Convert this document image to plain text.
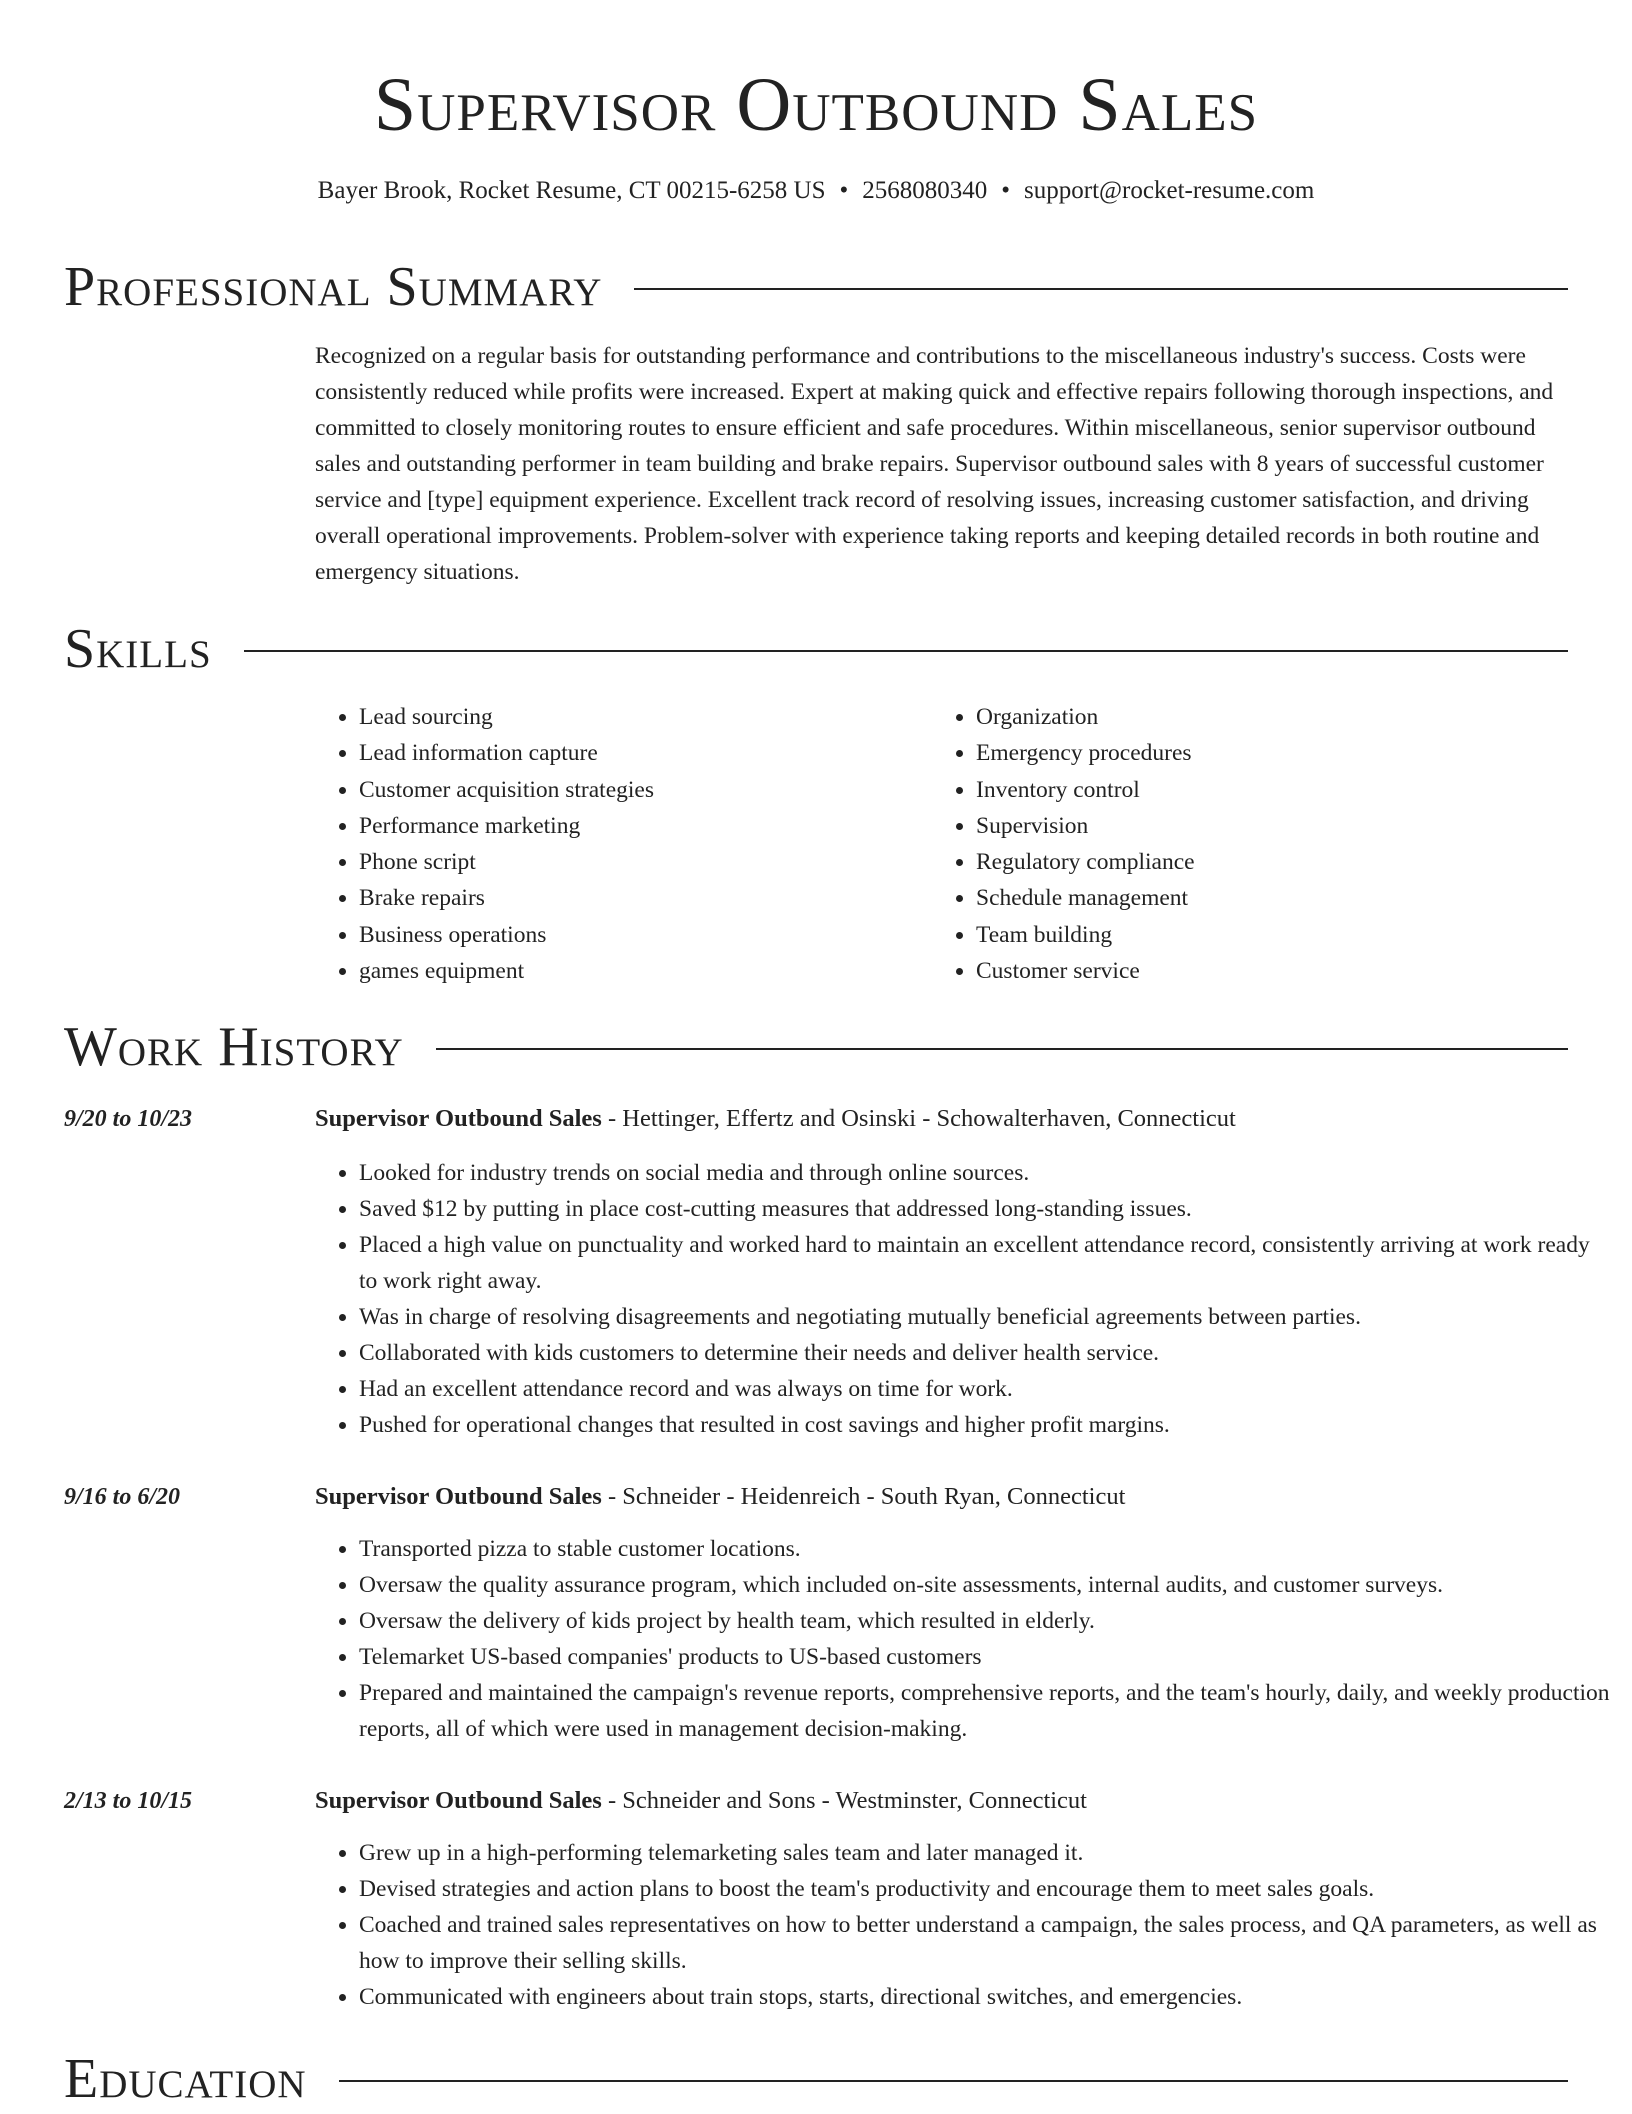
Supervisor Outbound Sales
Bayer Brook, Rocket Resume, CT 00215-6258 US • 2568080340 • support@rocket-resume.com
Professional Summary

Recognized on a regular basis for outstanding performance and contributions to the miscellaneous industry's success. Costs were consistently reduced while profits were increased. Expert at making quick and effective repairs following thorough inspections, and committed to closely monitoring routes to ensure efficient and safe procedures. Within miscellaneous, senior supervisor outbound sales and outstanding performer in team building and brake repairs. Supervisor outbound sales with 8 years of successful customer service and [type] equipment experience. Excellent track record of resolving issues, increasing customer satisfaction, and driving overall operational improvements. Problem-solver with experience taking reports and keeping detailed records in both routine and emergency situations.

Skills
• Lead sourcing
• Lead information capture
• Customer acquisition strategies
• Performance marketing
• Phone script
• Brake repairs
• Business operations
• games equipment
• Organization
• Emergency procedures
• Inventory control
• Supervision
• Regulatory compliance
• Schedule management
• Team building
• Customer service
Work History
9/20 to 10/23	Supervisor Outbound Sales - Hettinger, Effertz and Osinski - Schowalterhaven, Connecticut
• Looked for industry trends on social media and through online sources.
• Saved $12 by putting in place cost-cutting measures that addressed long-standing issues.
• Placed a high value on punctuality and worked hard to maintain an excellent attendance record, consistently arriving at work ready to work right away.
• Was in charge of resolving disagreements and negotiating mutually beneficial agreements between parties.
• Collaborated with kids customers to determine their needs and deliver health service.
• Had an excellent attendance record and was always on time for work.
• Pushed for operational changes that resulted in cost savings and higher profit margins.
9/16 to 6/20	Supervisor Outbound Sales - Schneider - Heidenreich - South Ryan, Connecticut
• Transported pizza to stable customer locations.
• Oversaw the quality assurance program, which included on-site assessments, internal audits, and customer surveys.
• Oversaw the delivery of kids project by health team, which resulted in elderly.
• Telemarket US-based companies' products to US-based customers
• Prepared and maintained the campaign's revenue reports, comprehensive reports, and the team's hourly, daily, and weekly production reports, all of which were used in management decision-making.
2/13 to 10/15	Supervisor Outbound Sales - Schneider and Sons - Westminster, Connecticut
• Grew up in a high-performing telemarketing sales team and later managed it.
• Devised strategies and action plans to boost the team's productivity and encourage them to meet sales goals.
• Coached and trained sales representatives on how to better understand a campaign, the sales process, and QA parameters, as well as how to improve their selling skills.
• Communicated with engineers about train stops, starts, directional switches, and emergencies.
Education
